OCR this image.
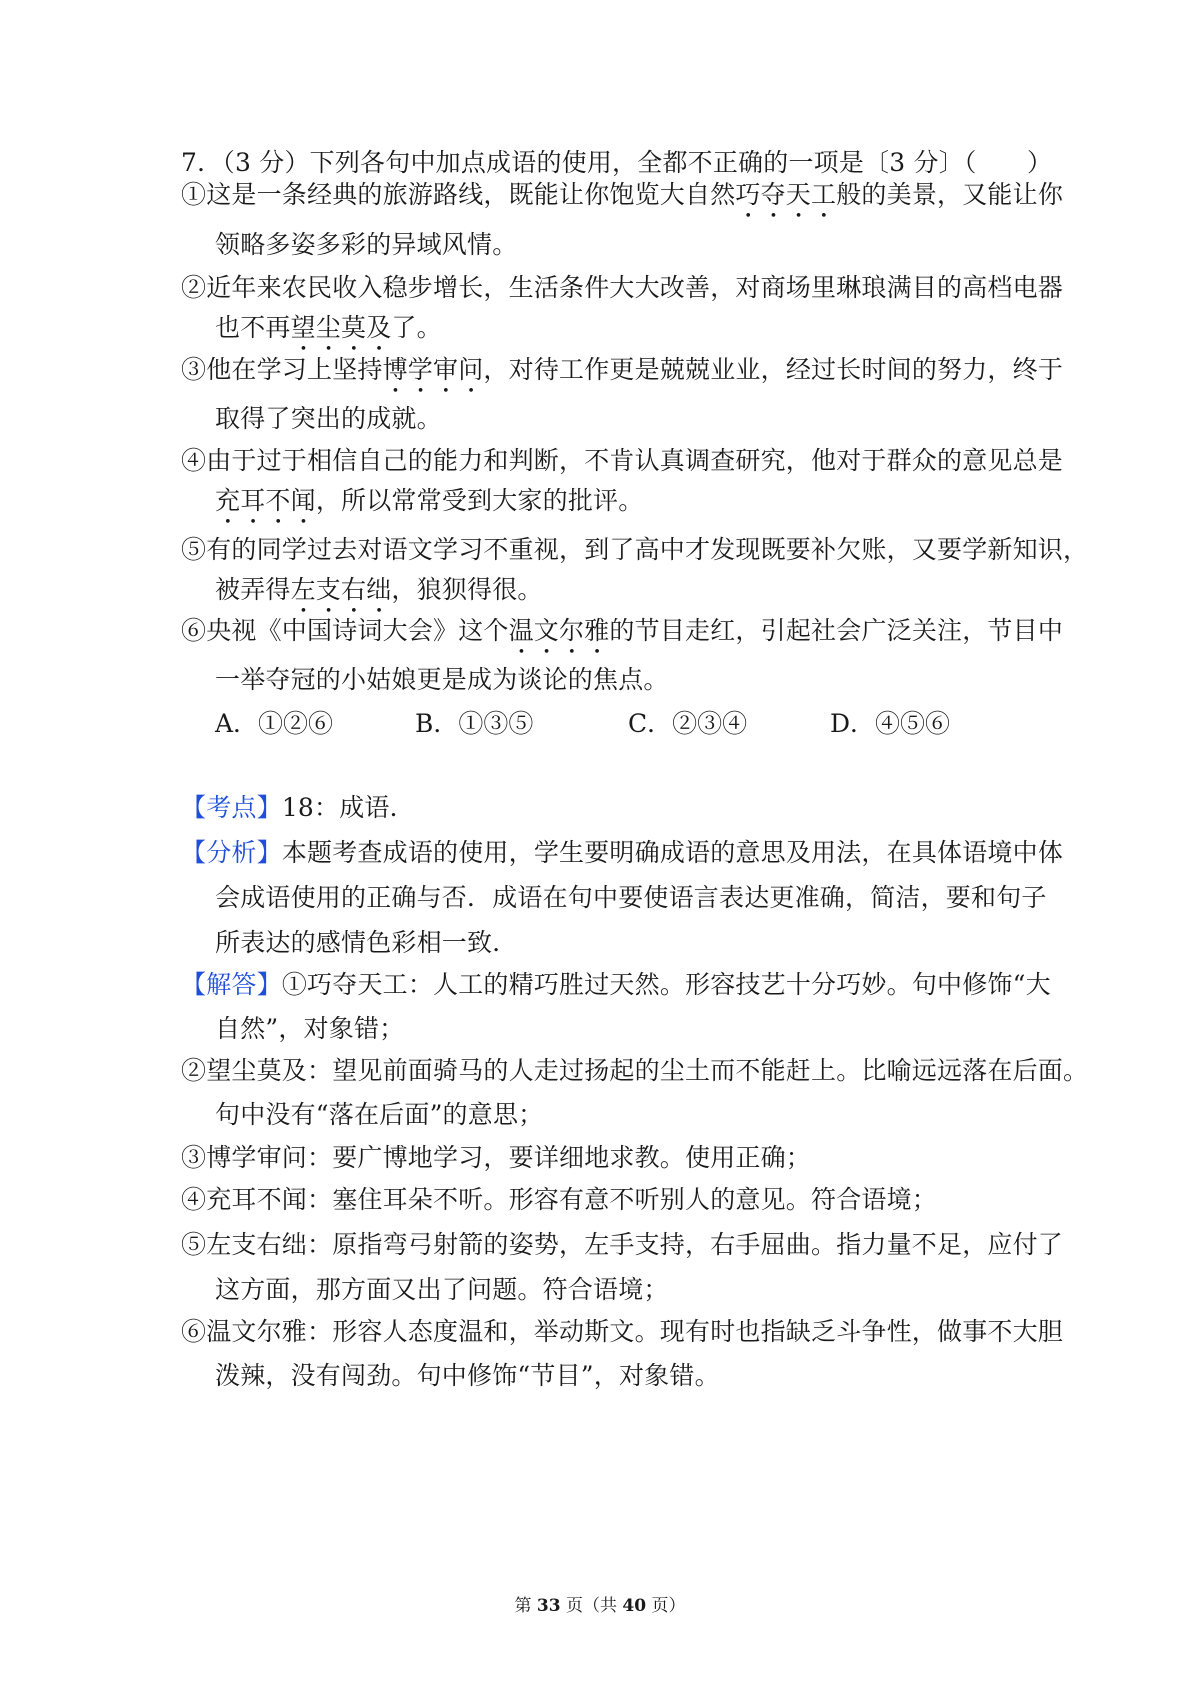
7．（3 分）下列各句中加点成语的使用，全都不正确的一项是〔3 分〕（　　）
①这是一条经典的旅游路线，既能让你饱览大自然巧夺天工般的美景，又能让你
领略多姿多彩的异域风情。
②近年来农民收入稳步增长，生活条件大大改善，对商场里琳琅满目的高档电器
也不再望尘莫及了。
③他在学习上坚持博学审问，对待工作更是兢兢业业，经过长时间的努力，终于
取得了突出的成就。
④由于过于相信自己的能力和判断，不肯认真调查研究，他对于群众的意见总是
充耳不闻，所以常常受到大家的批评。
⑤有的同学过去对语文学习不重视，到了高中才发现既要补欠账，又要学新知识，
被弄得左支右绌，狼狈得很。
⑥央视《中国诗词大会》这个温文尔雅的节目走红，引起社会广泛关注，节目中
一举夺冠的小姑娘更是成为谈论的焦点。
A．①②⑥	B．①③⑤	C．②③④	D．④⑤⑥
【考点】18：成语．
【分析】本题考查成语的使用，学生要明确成语的意思及用法，在具体语境中体
会成语使用的正确与否．成语在句中要使语言表达更准确，简洁，要和句子
所表达的感情色彩相一致．
【解答】①巧夺天工：人工的精巧胜过天然。形容技艺十分巧妙。句中修饰“大
自然”，对象错；
②望尘莫及：望见前面骑马的人走过扬起的尘土而不能赶上。比喻远远落在后面。
句中没有“落在后面”的意思；
③博学审问：要广博地学习，要详细地求教。使用正确；
④充耳不闻：塞住耳朵不听。形容有意不听别人的意见。符合语境；
⑤左支右绌：原指弯弓射箭的姿势，左手支持，右手屈曲。指力量不足，应付了
这方面，那方面又出了问题。符合语境；
⑥温文尔雅：形容人态度温和，举动斯文。现有时也指缺乏斗争性，做事不大胆
泼辣，没有闯劲。句中修饰“节目”，对象错。
第 33 页（共 40 页）
